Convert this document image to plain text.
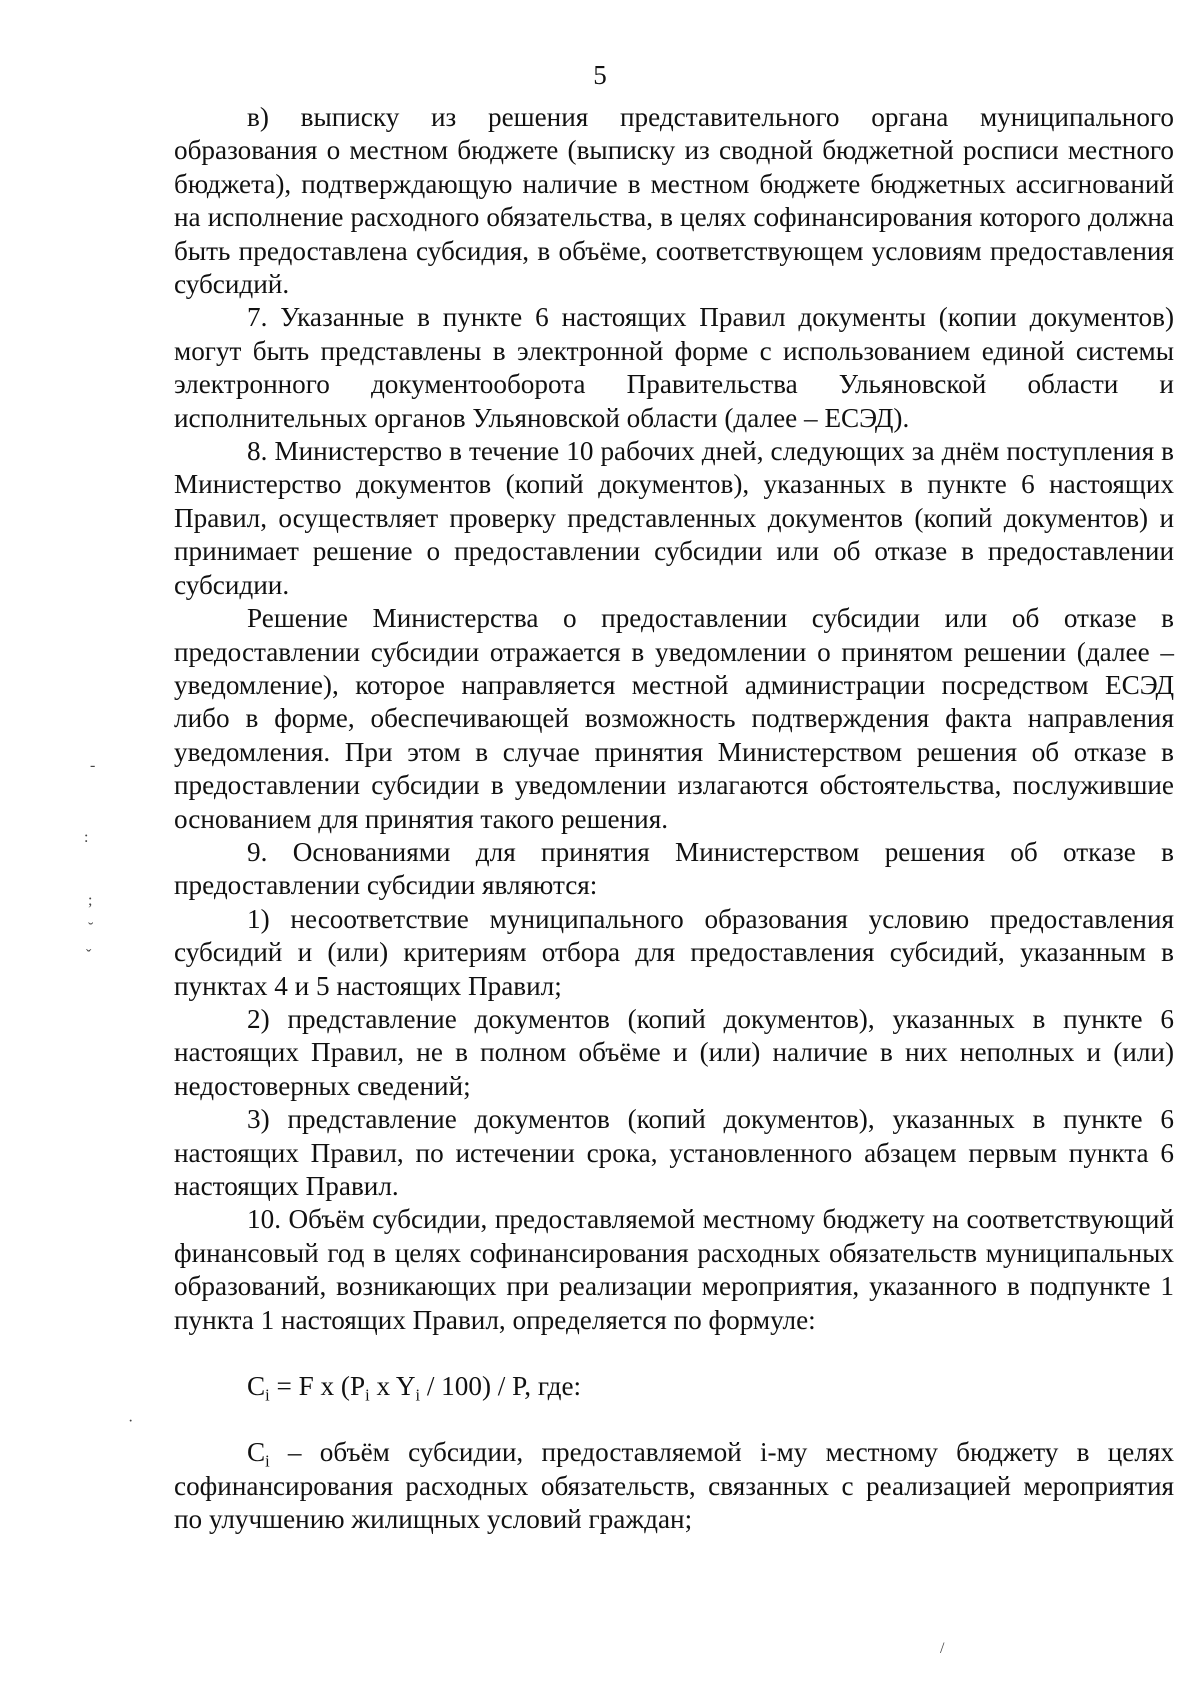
5
-
:
;
˘
ˇ
·
/

в) выписку из решения представительного органа муниципального образования о местном бюджете (выписку из сводной бюджетной росписи местного бюджета), подтверждающую наличие в местном бюджете бюджетных ассигнований на исполнение расходного обязательства, в целях софинансирования которого должна быть предоставлена субсидия, в объёме, соответствующем условиям предоставления субсидий.

7. Указанные в пункте 6 настоящих Правил документы (копии документов) могут быть представлены в электронной форме с использованием единой системы электронного документооборота Правительства Ульяновской области и исполнительных органов Ульяновской области (далее – ЕСЭД).

8. Министерство в течение 10 рабочих дней, следующих за днём поступления в Министерство документов (копий документов), указанных в пункте 6 настоящих Правил, осуществляет проверку представленных документов (копий документов) и принимает решение о предоставлении субсидии или об отказе в предоставлении субсидии.

Решение Министерства о предоставлении субсидии или об отказе в предоставлении субсидии отражается в уведомлении о принятом решении (далее – уведомление), которое направляется местной администрации посредством ЕСЭД либо в форме, обеспечивающей возможность подтверждения факта направления уведомления. При этом в случае принятия Министерством решения об отказе в предоставлении субсидии в уведомлении излагаются обстоятельства, послужившие основанием для принятия такого решения.

9. Основаниями для принятия Министерством решения об отказе в предоставлении субсидии являются:

1) несоответствие муниципального образования условию предоставления субсидий и (или) критериям отбора для предоставления субсидий, указанным в пунктах 4 и 5 настоящих Правил;

2) представление документов (копий документов), указанных в пункте 6 настоящих Правил, не в полном объёме и (или) наличие в них неполных и (или) недостоверных сведений;

3) представление документов (копий документов), указанных в пункте 6 настоящих Правил, по истечении срока, установленного абзацем первым пункта 6 настоящих Правил.

10. Объём субсидии, предоставляемой местному бюджету на соответствующий финансовый год в целях софинансирования расходных обязательств муниципальных образований, возникающих при реализации мероприятия, указанного в подпункте 1 пункта 1 настоящих Правил, определяется по формуле:

$C_i = F$ x ($P_i$ x $Y_i / 100$) / P, где:

$C_i$ – объём субсидии, предоставляемой i-му местному бюджету в целях софинансирования расходных обязательств, связанных с реализацией мероприятия по улучшению жилищных условий граждан;
